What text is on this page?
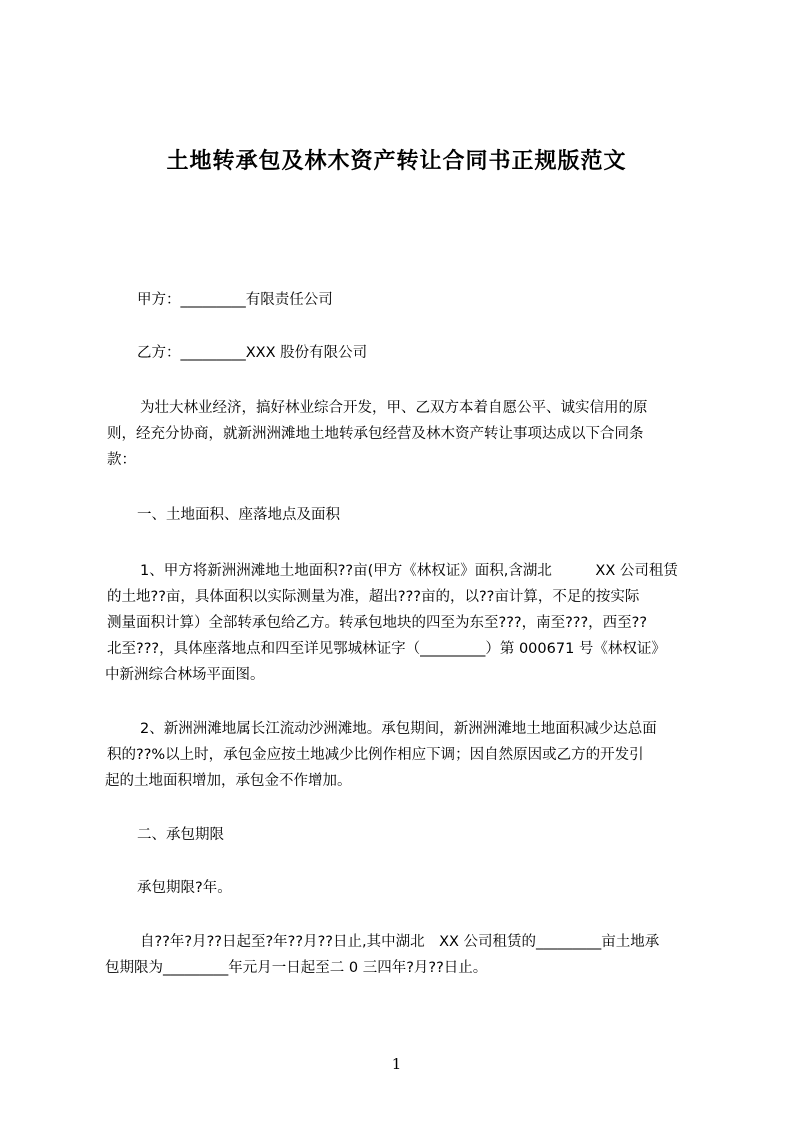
土地转承包及林木资产转让合同书正规版范文
甲方：_________有限责任公司
乙方：_________XXX 股份有限公司
为壮大林业经济，搞好林业综合开发，甲、乙双方本着自愿公平、诚实信用的原
则，经充分协商，就新洲洲滩地土地转承包经营及林木资产转让事项达成以下合同条
款：
一、土地面积、座落地点及面积
1、甲方将新洲洲滩地土地面积??亩(甲方《林权证》面积,含湖北　　　XX 公司租赁
的土地??亩，具体面积以实际测量为准，超出???亩的，以??亩计算，不足的按实际
测量面积计算）全部转承包给乙方。转承包地块的四至为东至???，南至???，西至??
北至???，具体座落地点和四至详见鄂城林证字（_________）第 000671 号《林权证》
中新洲综合林场平面图。
2、新洲洲滩地属长江流动沙洲滩地。承包期间，新洲洲滩地土地面积减少达总面
积的??%以上时，承包金应按土地减少比例作相应下调；因自然原因或乙方的开发引
起的土地面积增加，承包金不作增加。
二、承包期限
承包期限?年。
自??年?月??日起至?年??月??日止,其中湖北　XX 公司租赁的_________亩土地承
包期限为_________年元月一日起至二 0 三四年?月??日止。
1
